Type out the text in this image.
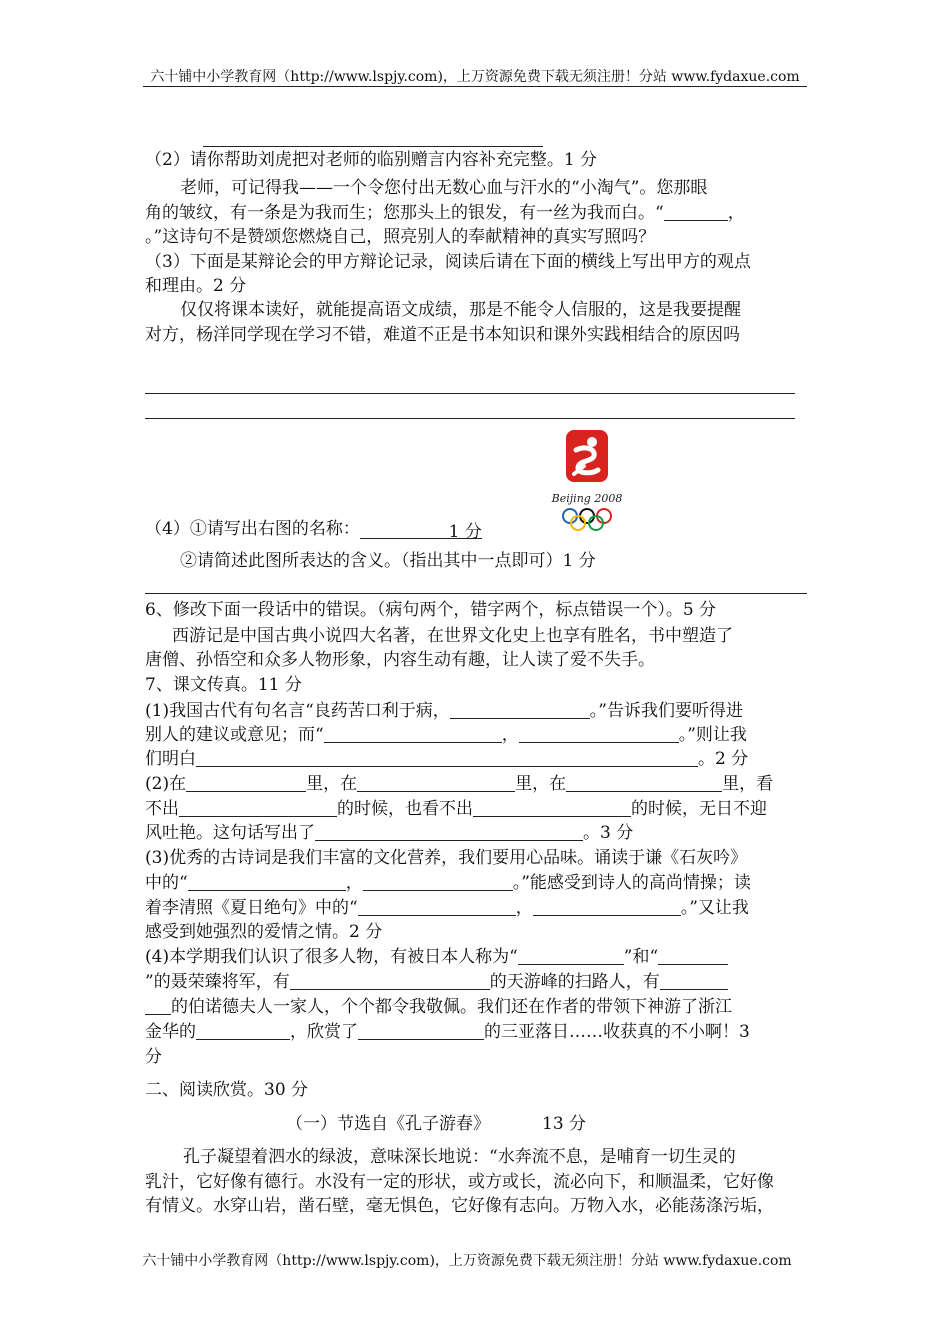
六十铺中小学教育网（http://www.lspjy.com)，上万资源免费下载无须注册！分站 www.fydaxue.com
（2）请你帮助刘虎把对老师的临别赠言内容补充完整。1 分
老师，可记得我——一个令您付出无数心血与汗水的“小淘气”。您那眼
角的皱纹，有一条是为我而生；您那头上的银发，有一丝为我而白。“	，
。”这诗句不是赞颂您燃烧自己，照亮别人的奉献精神的真实写照吗？
（3）下面是某辩论会的甲方辩论记录，阅读后请在下面的横线上写出甲方的观点
和理由。2 分
仅仅将课本读好，就能提高语文成绩，那是不能令人信服的，这是我要提醒
对方，杨洋同学现在学习不错，难道不正是书本知识和课外实践相结合的原因吗
Beijing 2008
（4）①请写出右图的名称：	1 分
②请简述此图所表达的含义。（指出其中一点即可）1 分
6、修改下面一段话中的错误。（病句两个，错字两个，标点错误一个）。5 分
西游记是中国古典小说四大名著，在世界文化史上也享有胜名，书中塑造了
唐僧、孙悟空和众多人物形象，内容生动有趣，让人读了爱不失手。
7、课文传真。11 分
(1)我国古代有句名言“良药苦口利于病，	。”告诉我们要听得进
别人的建议或意见；而“	，	。”则让我
们明白	。2 分
(2)在	里，在	里，在	里，看
不出	的时候，也看不出	的时候，无日不迎
风吐艳。这句话写出了	。3 分
(3)优秀的古诗词是我们丰富的文化营养，我们要用心品味。诵读于谦《石灰吟》
中的“	，	。”能感受到诗人的高尚情操；读
着李清照《夏日绝句》中的“	，	。”又让我
感受到她强烈的爱情之情。2 分
(4)本学期我们认识了很多人物，有被日本人称为“	”和“
”的聂荣臻将军，有	的天游峰的扫路人，有
的伯诺德夫人一家人，个个都令我敬佩。我们还在作者的带领下神游了浙江
金华的	，欣赏了	的三亚落日……收获真的不小啊！3
分
二、阅读欣赏。30 分
（一）节选自《孔子游春》	13 分
孔子凝望着泗水的绿波，意味深长地说：“水奔流不息，是哺育一切生灵的
乳汁，它好像有德行。水没有一定的形状，或方或长，流必向下，和顺温柔，它好像
有情义。水穿山岩，凿石壁，毫无惧色，它好像有志向。万物入水，必能荡涤污垢，
六十铺中小学教育网（http://www.lspjy.com)，上万资源免费下载无须注册！分站 www.fydaxue.com
